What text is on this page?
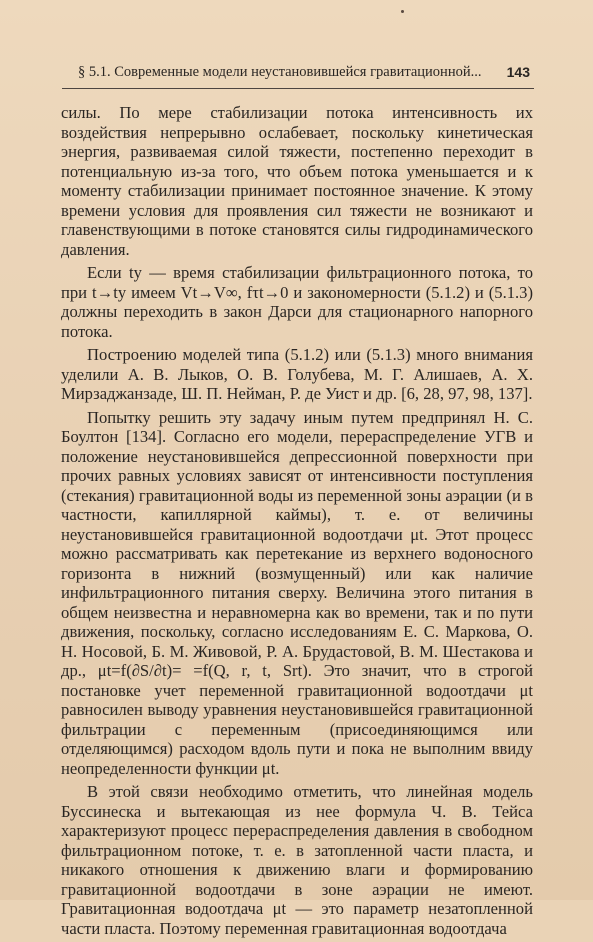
§ 5.1. Современные модели неустановившейся гравитационной... 143

силы. По мере стабилизации потока интенсивность их воздействия непрерывно ослабевает, поскольку кинетическая энергия, развиваемая силой тяжести, постепенно переходит в потенциальную из-за того, что объем потока уменьшается и к моменту стабилизации принимает постоянное значение. К этому времени условия для проявления сил тяжести не возникают и главенствующими в потоке становятся силы гидродинамического давления.

Если tу — время стабилизации фильтрационного потока, то при t→tу имеем Vt→V∞, fτt→0 и закономерности (5.1.2) и (5.1.3) должны переходить в закон Дарси для стационарного напорного потока.

Построению моделей типа (5.1.2) или (5.1.3) много внимания уделили А. В. Лыков, О. В. Голубева, М. Г. Алишаев, А. Х. Мирзаджанзаде, Ш. П. Нейман, Р. де Уист и др. [6, 28, 97, 98, 137].

Попытку решить эту задачу иным путем предпринял Н. С. Боултон [134]. Согласно его модели, перераспределение УГВ и положение неустановившейся депрессионной поверхности при прочих равных условиях зависят от интенсивности поступления (стекания) гравитационной воды из переменной зоны аэрации (и в частности, капиллярной каймы), т. е. от величины неустановившейся гравитационной водоотдачи μt. Этот процесс можно рассматривать как перетекание из верхнего водоносного горизонта в нижний (возмущенный) или как наличие инфильтрационного питания сверху. Величина этого питания в общем неизвестна и неравномерна как во времени, так и по пути движения, поскольку, согласно исследованиям Е. С. Маркова, О. Н. Носовой, Б. М. Живовой, Р. А. Брудастовой, В. М. Шестакова и др., μt=f(∂S/∂t)= =f(Q, r, t, Srt). Это значит, что в строгой постановке учет переменной гравитационной водоотдачи μt равносилен выводу уравнения неустановившейся гравитационной фильтрации с переменным (присоединяющимся или отделяющимся) расходом вдоль пути и пока не выполним ввиду неопределенности функции μt.

В этой связи необходимо отметить, что линейная модель Буссинеска и вытекающая из нее формула Ч. В. Тейса характеризуют процесс перераспределения давления в свободном фильтрационном потоке, т. е. в затопленной части пласта, и никакого отношения к движению влаги и формированию гравитационной водоотдачи в зоне аэрации не имеют. Гравитационная водоотдача μt — это параметр незатопленной части пласта. Поэтому переменная гравитационная водоотдача
